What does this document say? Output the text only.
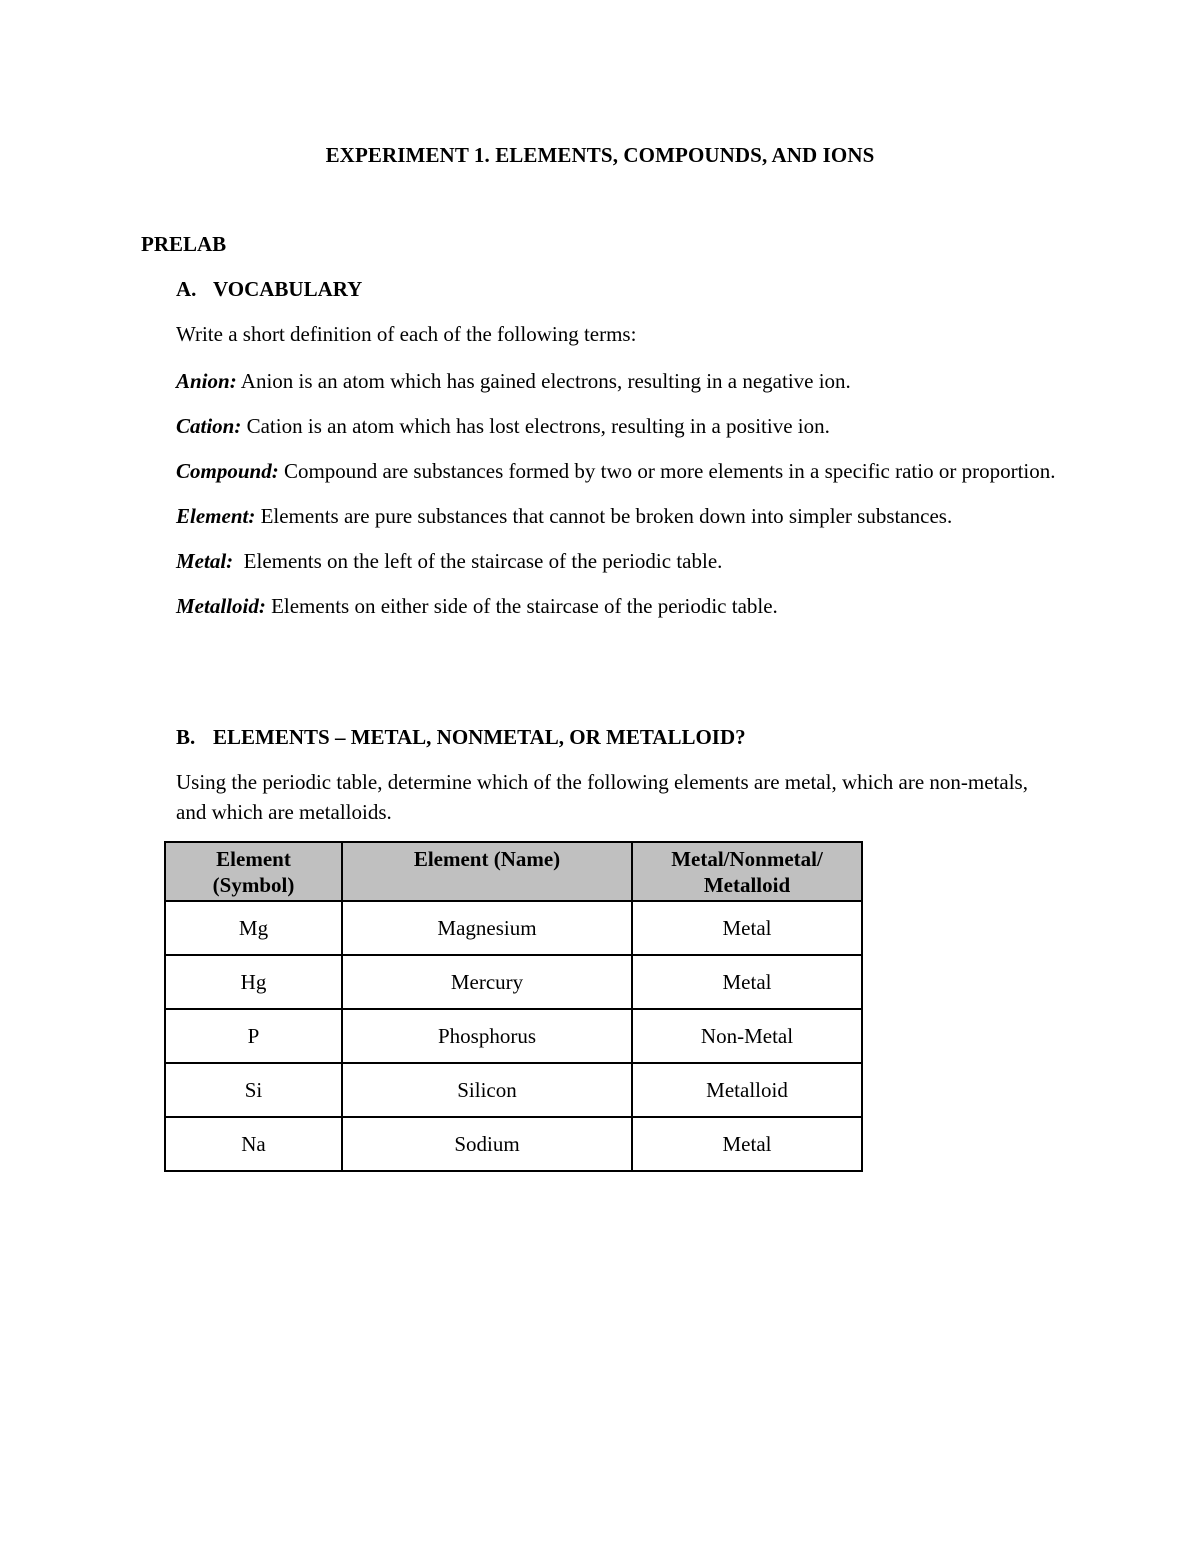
EXPERIMENT 1. ELEMENTS, COMPOUNDS, AND IONS
PRELAB
A. VOCABULARY
Write a short definition of each of the following terms:

Anion: Anion is an atom which has gained electrons, resulting in a negative ion.

Cation: Cation is an atom which has lost electrons, resulting in a positive ion.

Compound: Compound are substances formed by two or more elements in a specific ratio or proportion.

Element: Elements are pure substances that cannot be broken down into simpler substances.

Metal:  Elements on the left of the staircase of the periodic table.

Metalloid: Elements on either side of the staircase of the periodic table.

B. ELEMENTS – METAL, NONMETAL, OR METALLOID?
Using the periodic table, determine which of the following elements are metal, which are non-metals, and which are metalloids.
Element (Symbol)	Element (Name)	Metal/Nonmetal/ Metalloid
Mg	Magnesium	Metal
Hg	Mercury	Metal
P	Phosphorus	Non-Metal
Si	Silicon	Metalloid
Na	Sodium	Metal
